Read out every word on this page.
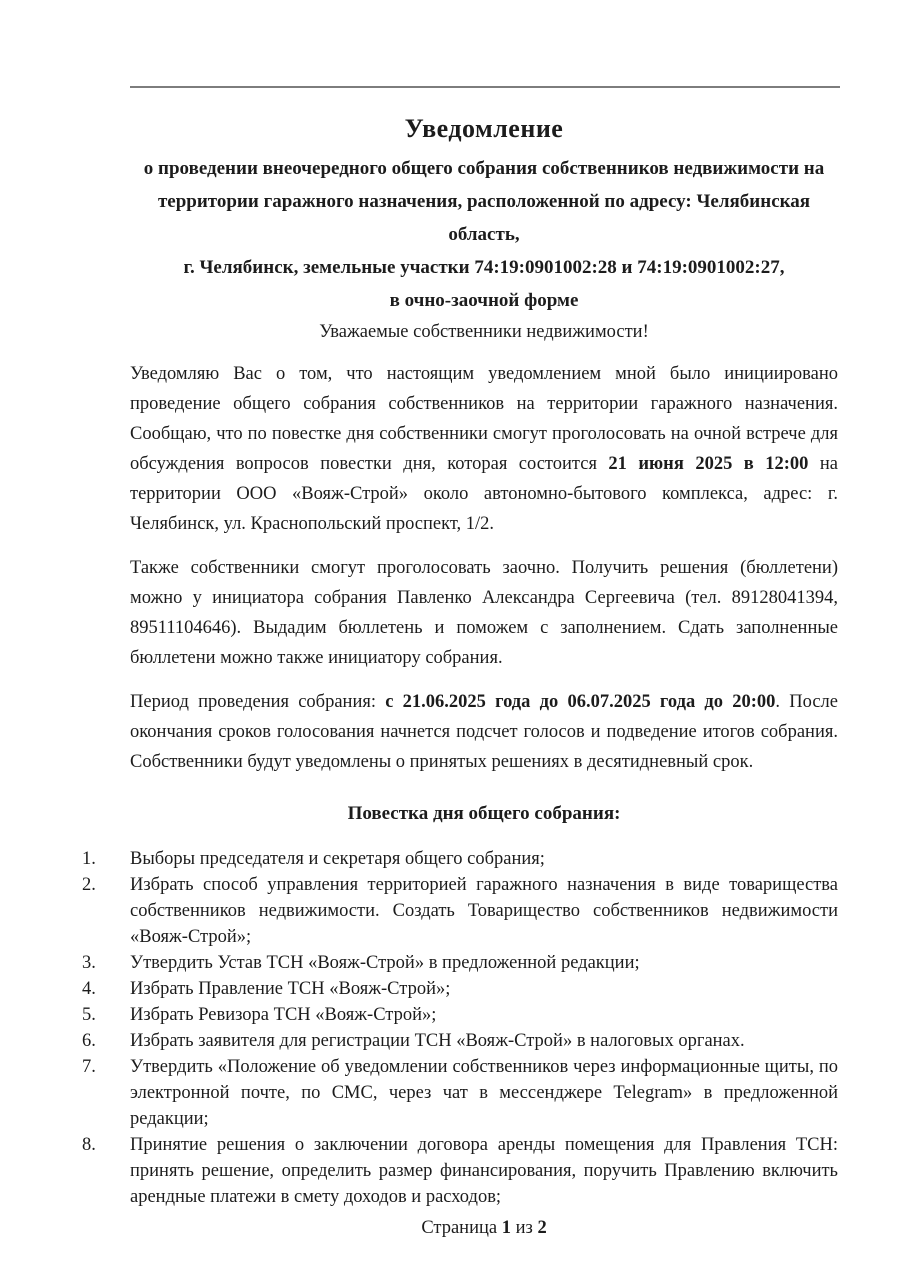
Уведомление
о проведении внеочередного общего собрания собственников недвижимости на
территории гаражного назначения, расположенной по адресу: Челябинская область,
г. Челябинск, земельные участки 74:19:0901002:28 и 74:19:0901002:27,
в очно-заочной форме

Уважаемые собственники недвижимости!

Уведомляю Вас о том, что настоящим уведомлением мной было инициировано проведение общего собрания собственников на территории гаражного назначения. Сообщаю, что по повестке дня собственники смогут проголосовать на очной встрече для обсуждения вопросов повестки дня, которая состоится 21 июня 2025 в 12:00 на территории ООО «Вояж-Строй» около автономно-бытового комплекса, адрес: г. Челябинск, ул. Краснопольский проспект, 1/2.

Также собственники смогут проголосовать заочно. Получить решения (бюллетени) можно у инициатора собрания Павленко Александра Сергеевича (тел. 89128041394, 89511104646). Выдадим бюллетень и поможем с заполнением. Сдать заполненные бюллетени можно также инициатору собрания.

Период проведения собрания: с 21.06.2025 года до 06.07.2025 года до 20:00. После окончания сроков голосования начнется подсчет голосов и подведение итогов собрания. Собственники будут уведомлены о принятых решениях в десятидневный срок.

Повестка дня общего собрания:
1.	Выборы председателя и секретаря общего собрания;
2.	Избрать способ управления территорией гаражного назначения в виде товарищества собственников недвижимости. Создать Товарищество собственников недвижимости «Вояж-Строй»;
3.	Утвердить Устав ТСН «Вояж-Строй» в предложенной редакции;
4.	Избрать Правление ТСН «Вояж-Строй»;
5.	Избрать Ревизора ТСН «Вояж-Строй»;
6.	Избрать заявителя для регистрации ТСН «Вояж-Строй» в налоговых органах.
7.	Утвердить «Положение об уведомлении собственников через информационные щиты, по электронной почте, по СМС, через чат в мессенджере Telegram» в предложенной редакции;
8.	Принятие решения о заключении договора аренды помещения для Правления ТСН: принять решение, определить размер финансирования, поручить Правлению включить арендные платежи в смету доходов и расходов;

Страница 1 из 2
